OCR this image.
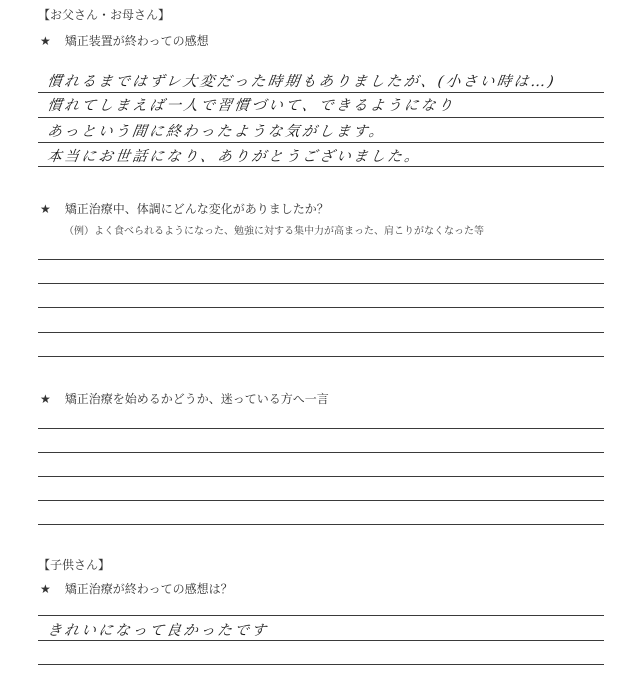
【お父さん・お母さん】
★ 矯正装置が終わっての感想
慣れるまではずレ大変だった時期もありましたが、(小さい時は…)
慣れてしまえば一人で習慣づいて、できるようになり
あっという間に終わったような気がします。
本当にお世話になり、ありがとうございました。
★ 矯正治療中、体調にどんな変化がありましたか？
（例）よく食べられるようになった、勉強に対する集中力が高まった、肩こりがなくなった等
★ 矯正治療を始めるかどうか、迷っている方へ一言
【子供さん】
★ 矯正治療が終わっての感想は？
きれいになって良かったです
